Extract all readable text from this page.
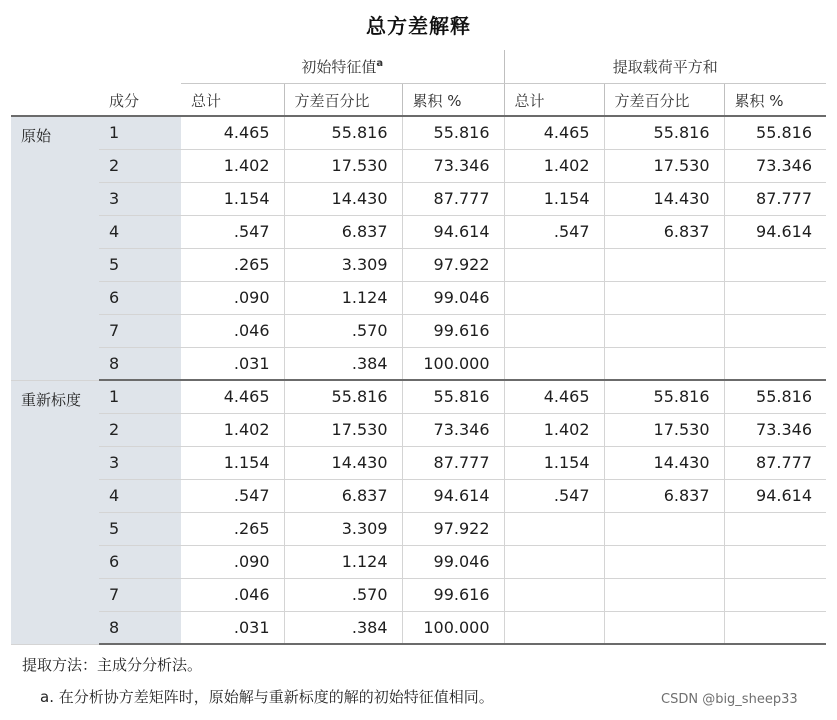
总方差解释
		初始特征值$^a$			提取载荷平方和		
	成分	总计	方差百分比	累积 %	总计	方差百分比	累积 %
原始	1	4.465	55.816	55.816	4.465	55.816	55.816
	2	1.402	17.530	73.346	1.402	17.530	73.346
	3	1.154	14.430	87.777	1.154	14.430	87.777
	4	.547	6.837	94.614	.547	6.837	94.614
	5	.265	3.309	97.922			
	6	.090	1.124	99.046			
	7	.046	.570	99.616			
	8	.031	.384	100.000			
重新标度	1	4.465	55.816	55.816	4.465	55.816	55.816
	2	1.402	17.530	73.346	1.402	17.530	73.346
	3	1.154	14.430	87.777	1.154	14.430	87.777
	4	.547	6.837	94.614	.547	6.837	94.614
	5	.265	3.309	97.922			
	6	.090	1.124	99.046			
	7	.046	.570	99.616			
	8	.031	.384	100.000			
提取方法：主成分分析法。
a. 在分析协方差矩阵时，原始解与重新标度的解的初始特征值相同。	CSDN @big_sheep33
